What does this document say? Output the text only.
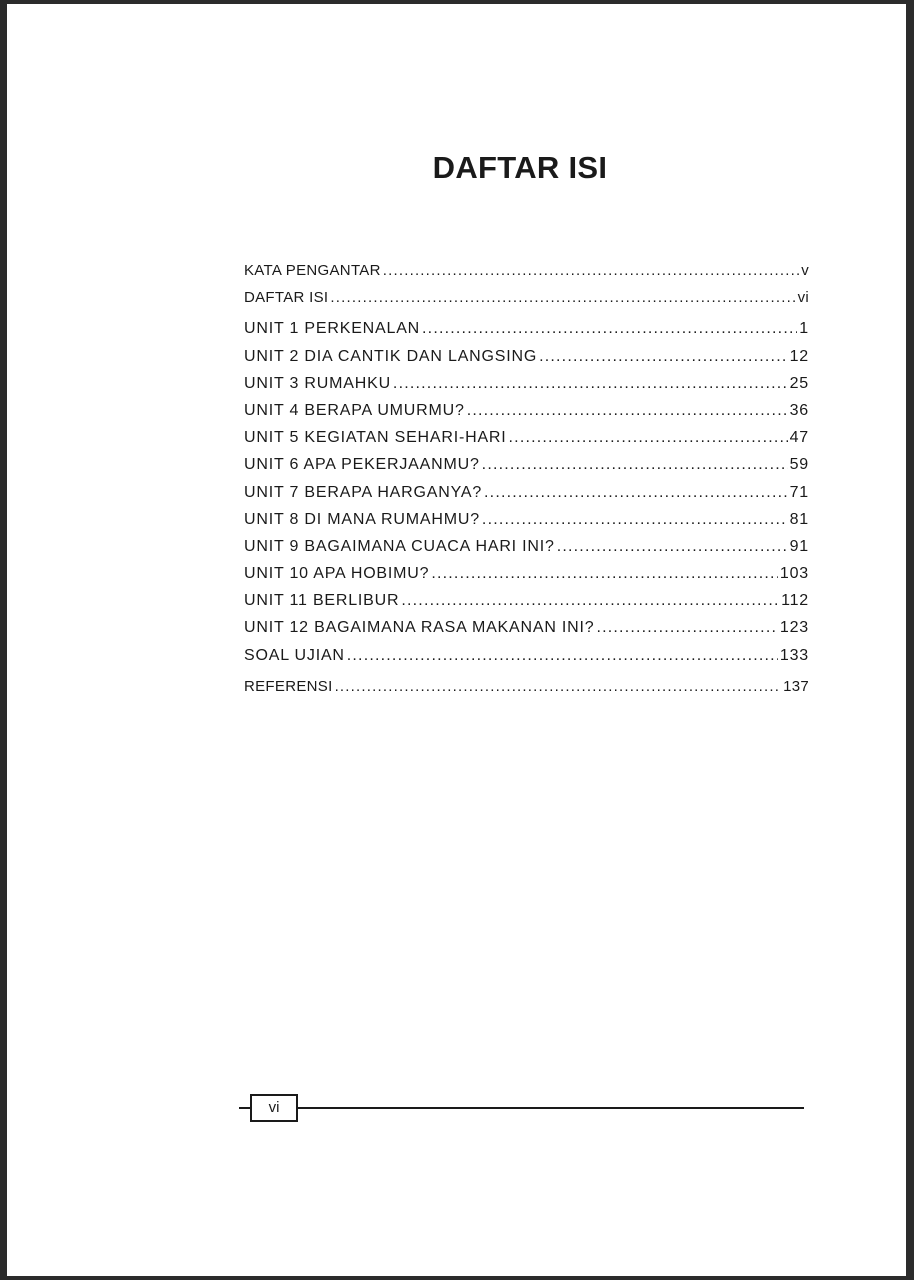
DAFTAR ISI
KATA PENGANTAR .....	v
DAFTAR ISI .....	vi
UNIT 1 PERKENALAN .....	1
UNIT 2 DIA CANTIK DAN LANGSING .....	12
UNIT 3 RUMAHKU .....	25
UNIT 4 BERAPA UMURMU? .....	36
UNIT 5 KEGIATAN SEHARI-HARI .....	47
UNIT 6 APA PEKERJAANMU? .....	59
UNIT 7 BERAPA HARGANYA? .....	71
UNIT 8 DI MANA RUMAHMU? .....	81
UNIT 9 BAGAIMANA CUACA HARI INI? .....	91
UNIT 10 APA HOBIMU? .....	103
UNIT 11 BERLIBUR .....	112
UNIT 12 BAGAIMANA RASA MAKANAN INI? .....	123
SOAL UJIAN .....	133
REFERENSI .....	137
vi
